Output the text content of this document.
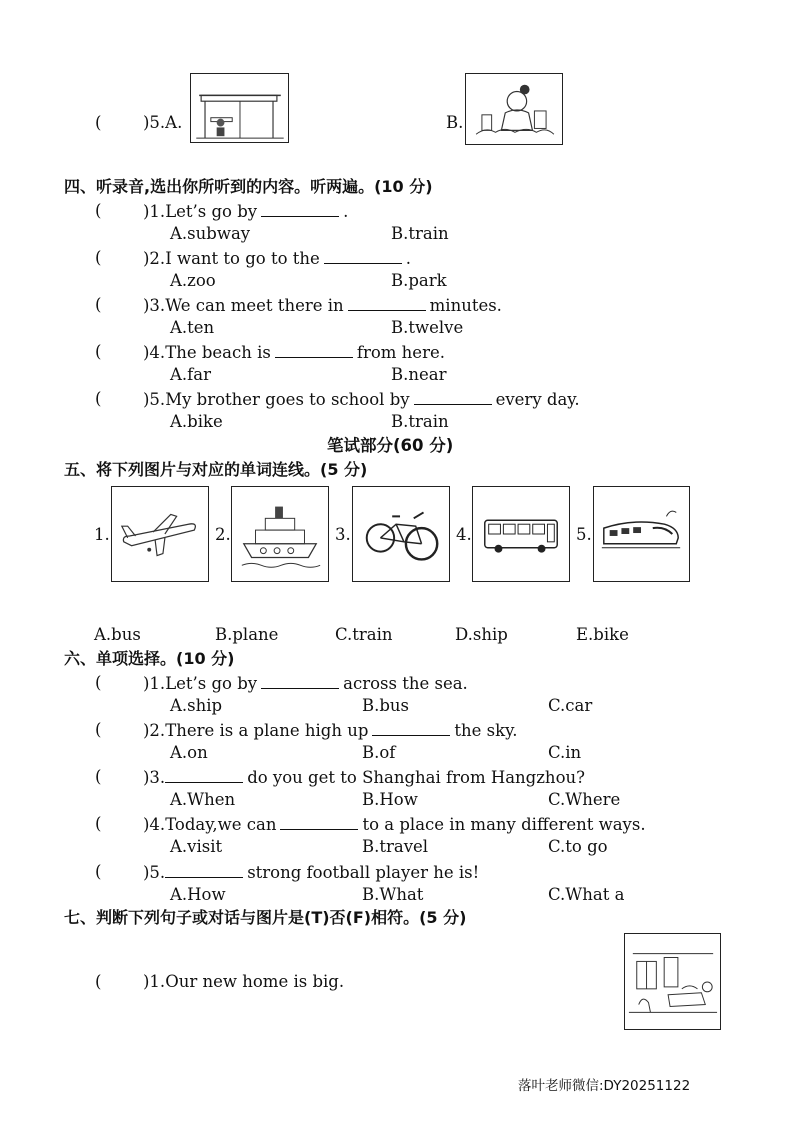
(	)5.A.	B.
四、听录音,选出你所听到的内容。听两遍。(10 分)
(	)1.Let’s go by	.
A.subway	B.train
(	)2.I want to go to the	.
A.zoo	B.park
(	)3.We can meet there in	minutes.
A.ten	B.twelve
(	)4.The beach is	from here.
A.far	B.near
(	)5.My brother goes to school by	every day.
A.bike	B.train
笔试部分(60 分)
五、将下列图片与对应的单词连线。(5 分)
1.	2.	3.	4.	5.
A.bus	B.plane	C.train	D.ship	E.bike
六、单项选择。(10 分)
(	)1.Let’s go by	across the sea.
A.ship	B.bus	C.car
(	)2.There is a plane high up	the sky.
A.on	B.of	C.in
(	)3.	do you get to Shanghai from Hangzhou?
A.When	B.How	C.Where
(	)4.Today,we can	to a place in many different ways.
A.visit	B.travel	C.to go
(	)5.	strong football player he is!
A.How	B.What	C.What a
七、判断下列句子或对话与图片是(T)否(F)相符。(5 分)
(	)1.Our new home is big.
落叶老师微信:DY20251122
